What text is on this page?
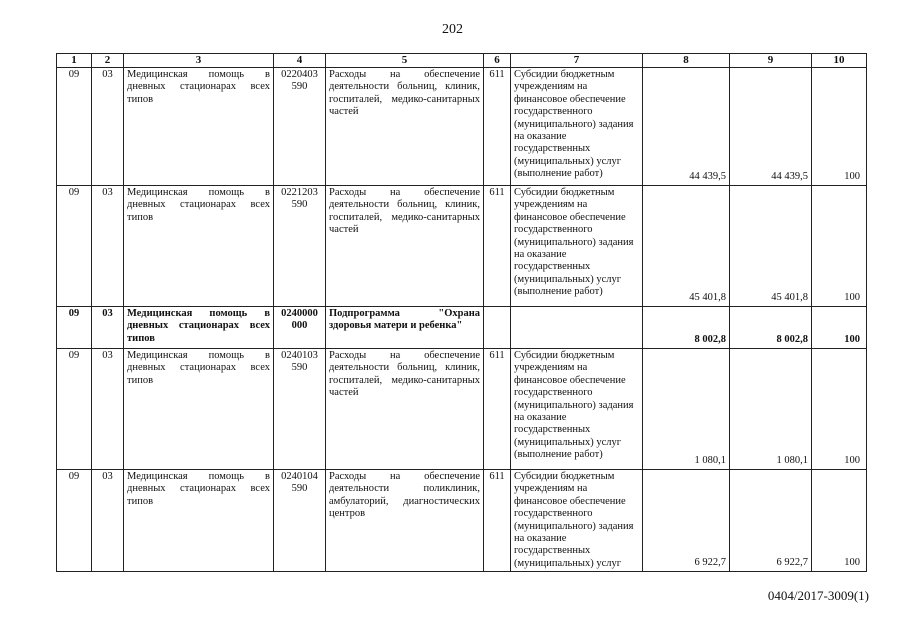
202
1	2	3	4	5	6	7	8	9	10
09	03	Медицинская помощь в дневных стационарах всех типов	0220403 590	Расходы на обеспечение деятельности больниц, клиник, госпиталей, медико-санитарных частей	611	Субсидии бюджетным учреждениям на финансовое обеспечение государственного (муниципального) задания на оказание государственных (муниципальных) услуг (выполнение работ)	44 439,5	44 439,5	100
09	03	Медицинская помощь в дневных стационарах всех типов	0221203 590	Расходы на обеспечение деятельности больниц, клиник, госпиталей, медико-санитарных частей	611	Субсидии бюджетным учреждениям на финансовое обеспечение государственного (муниципального) задания на оказание государственных (муниципальных) услуг (выполнение работ)	45 401,8	45 401,8	100
09	03	Медицинская помощь в дневных стационарах всех типов	0240000 000	Подпрограмма "Охрана здоровья матери и ребенка"			8 002,8	8 002,8	100
09	03	Медицинская помощь в дневных стационарах всех типов	0240103 590	Расходы на обеспечение деятельности больниц, клиник, госпиталей, медико-санитарных частей	611	Субсидии бюджетным учреждениям на финансовое обеспечение государственного (муниципального) задания на оказание государственных (муниципальных) услуг (выполнение работ)	1 080,1	1 080,1	100
09	03	Медицинская помощь в дневных стационарах всех типов	0240104 590	Расходы на обеспечение деятельности поликлиник, амбулаторий, диагностических центров	611	Субсидии бюджетным учреждениям на финансовое обеспечение государственного (муниципального) задания на оказание государственных (муниципальных) услуг	6 922,7	6 922,7	100
0404/2017-3009(1)
